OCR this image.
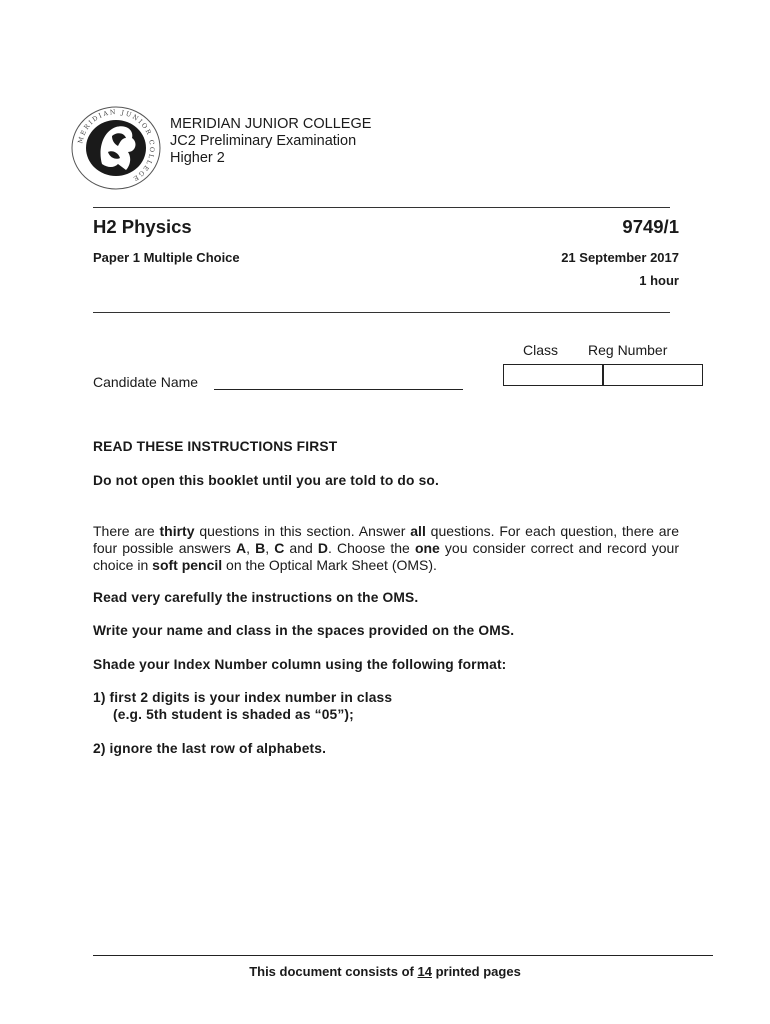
MERIDIAN JUNIOR COLLEGE
MERIDIAN JUNIOR COLLEGE
JC2 Preliminary Examination
Higher 2
H2 Physics	9749/1
Paper 1 Multiple Choice	21 September 2017
1 hour
Class Reg Number
Candidate Name
READ THESE INSTRUCTIONS FIRST
Do not open this booklet until you are told to do so.
There are thirty questions in this section. Answer all questions. For each question, there are four possible answers A, B, C and D. Choose the one you consider correct and record your choice in soft pencil on the Optical Mark Sheet (OMS).
Read very carefully the instructions on the OMS.
Write your name and class in the spaces provided on the OMS.
Shade your Index Number column using the following format:
1) first 2 digits is your index number in class
(e.g. 5th student is shaded as “05”);
2) ignore the last row of alphabets.
This document consists of 14 printed pages
